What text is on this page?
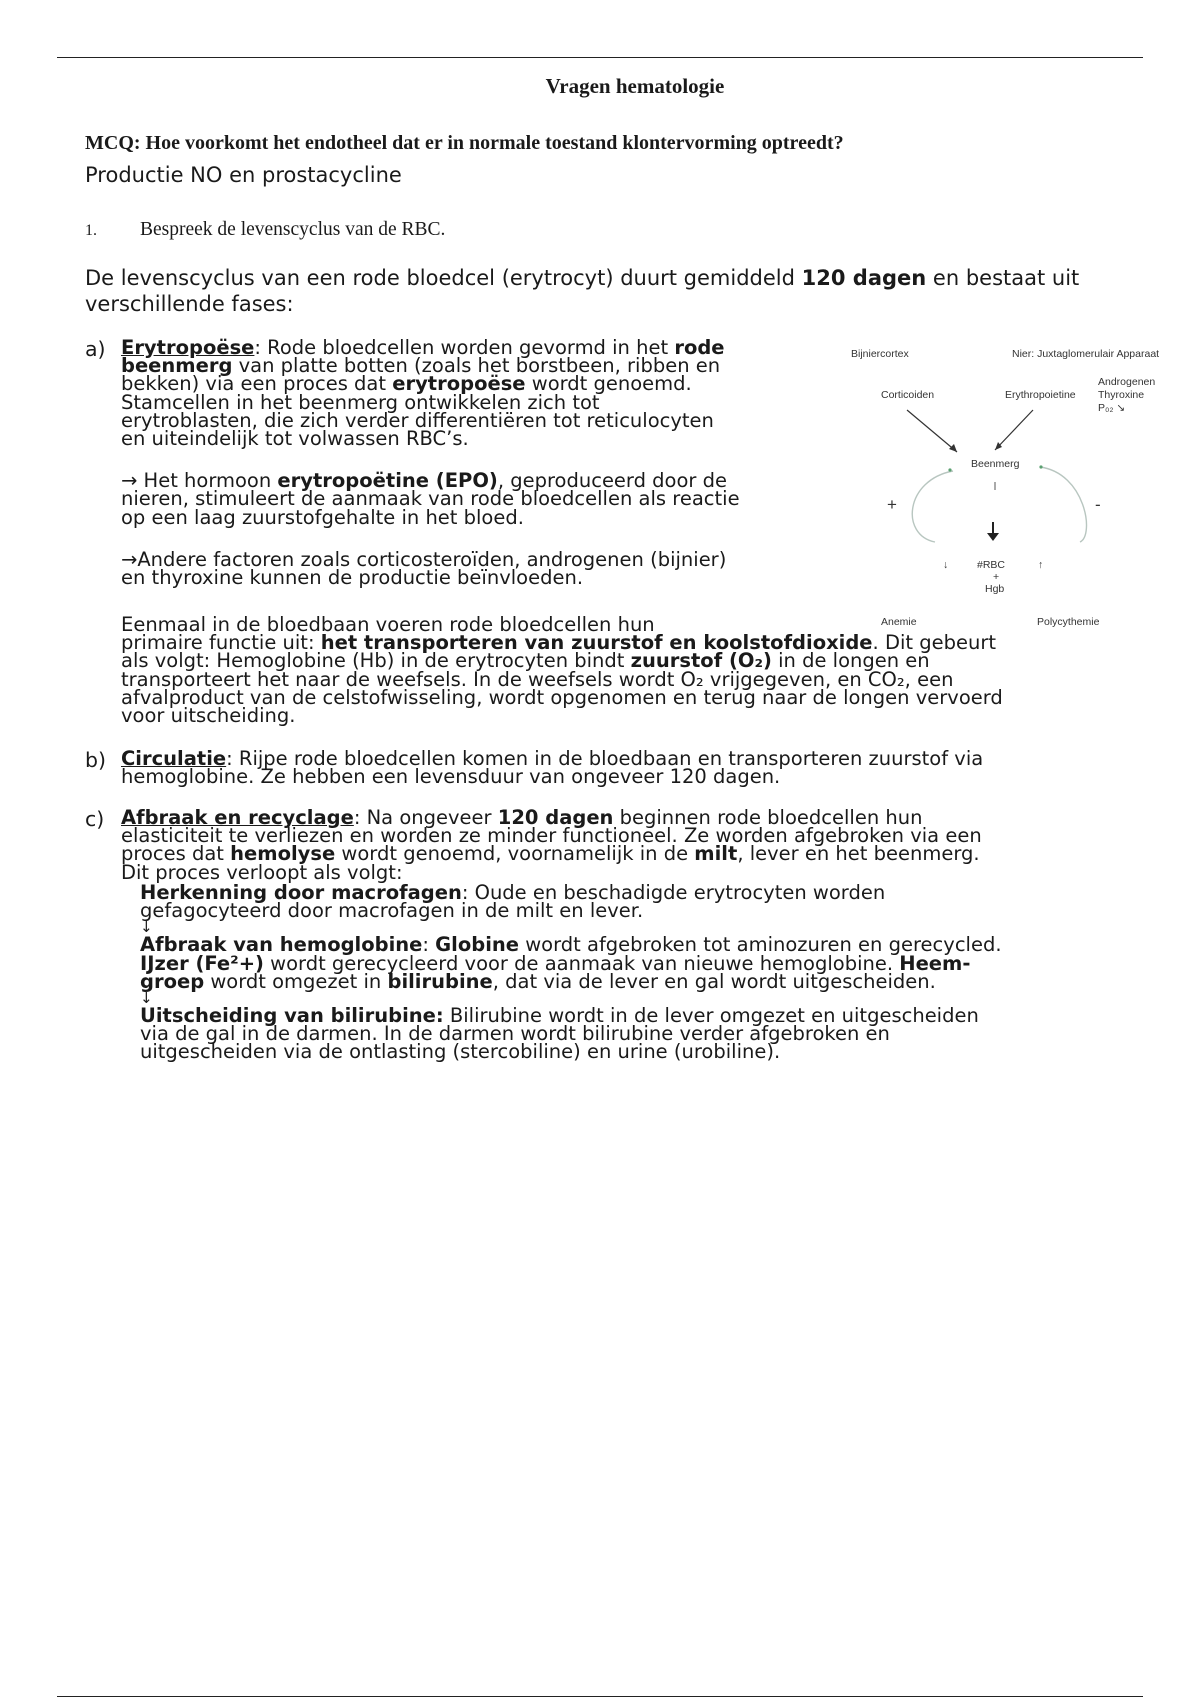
Vragen hematologie
MCQ: Hoe voorkomt het endotheel dat er in normale toestand klontervorming optreedt?
Productie NO en prostacycline
1. Bespreek de levenscyclus van de RBC.
De levenscyclus van een rode bloedcel (erytrocyt) duurt gemiddeld 120 dagen en bestaat uit verschillende fases:
a) Erytropoëse: Rode bloedcellen worden gevormd in het rode
beenmerg van platte botten (zoals het borstbeen, ribben en
bekken) via een proces dat erytropoëse wordt genoemd.
Stamcellen in het beenmerg ontwikkelen zich tot
erytroblasten, die zich verder differentiëren tot reticulocyten
en uiteindelijk tot volwassen RBC’s.
→ Het hormoon erytropoëtine (EPO), geproduceerd door de
nieren, stimuleert de aanmaak van rode bloedcellen als reactie
op een laag zuurstofgehalte in het bloed.
→Andere factoren zoals corticosteroïden, androgenen (bijnier)
en thyroxine kunnen de productie beïnvloeden.
Eenmaal in de bloedbaan voeren rode bloedcellen hun
primaire functie uit: het transporteren van zuurstof en koolstofdioxide. Dit gebeurt
als volgt: Hemoglobine (Hb) in de erytrocyten bindt zuurstof (O₂) in de longen en
transporteert het naar de weefsels. In de weefsels wordt O₂ vrijgegeven, en CO₂, een
afvalproduct van de celstofwisseling, wordt opgenomen en terug naar de longen vervoerd
voor uitscheiding.
b) Circulatie: Rijpe rode bloedcellen komen in de bloedbaan en transporteren zuurstof via
hemoglobine. Ze hebben een levensduur van ongeveer 120 dagen.
c) Afbraak en recyclage: Na ongeveer 120 dagen beginnen rode bloedcellen hun
elasticiteit te verliezen en worden ze minder functioneel. Ze worden afgebroken via een
proces dat hemolyse wordt genoemd, voornamelijk in de milt, lever en het beenmerg.
Dit proces verloopt als volgt:
Herkenning door macrofagen: Oude en beschadigde erytrocyten worden
gefagocyteerd door macrofagen in de milt en lever.
↓
Afbraak van hemoglobine: Globine wordt afgebroken tot aminozuren en gerecycled.
IJzer (Fe²+) wordt gerecycleerd voor de aanmaak van nieuwe hemoglobine. Heem-
groep wordt omgezet in bilirubine, dat via de lever en gal wordt uitgescheiden.
↓
Uitscheiding van bilirubine: Bilirubine wordt in de lever omgezet en uitgescheiden
via de gal in de darmen. In de darmen wordt bilirubine verder afgebroken en
uitgescheiden via de ontlasting (stercobiline) en urine (urobiline).
Bijniercortex	Nier: Juxtaglomerulair Apparaat
Corticoiden	Erythropoietine
Androgenen
Thyroxine
P₀₂ ↘
Beenmerg
+	-
↓	#RBC
+
Hgb
↑
Anemie	Polycythemie
